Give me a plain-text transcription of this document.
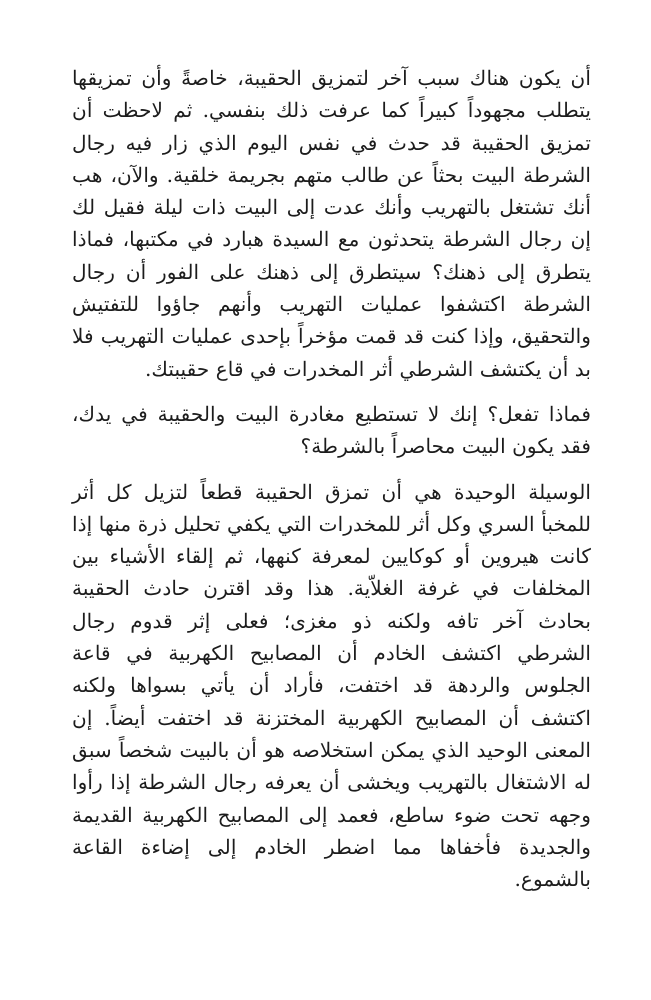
أن يكون هناك سبب آخر لتمزيق الحقيبة، خاصةً وأن تمزيقها يتطلب مجهوداً كبيراً كما عرفت ذلك بنفسي. ثم لاحظت أن تمزيق الحقيبة قد حدث في نفس اليوم الذي زار فيه رجال الشرطة البيت بحثاً عن طالب متهم بجريمة خلقية. والآن، هب أنك تشتغل بالتهريب وأنك عدت إلى البيت ذات ليلة فقيل لك إن رجال الشرطة يتحدثون مع السيدة هبارد في مكتبها، فماذا يتطرق إلى ذهنك؟ سيتطرق إلى ذهنك على الفور أن رجال الشرطة اكتشفوا عمليات التهريب وأنهم جاؤوا للتفتيش والتحقيق، وإذا كنت قد قمت مؤخراً بإحدى عمليات التهريب فلا بد أن يكتشف الشرطي أثر المخدرات في قاع حقيبتك.

فماذا تفعل؟ إنك لا تستطيع مغادرة البيت والحقيبة في يدك، فقد يكون البيت محاصراً بالشرطة؟

الوسيلة الوحيدة هي أن تمزق الحقيبة قطعاً لتزيل كل أثر للمخبأ السري وكل أثر للمخدرات التي يكفي تحليل ذرة منها إذا كانت هيروين أو كوكايين لمعرفة كنهها، ثم إلقاء الأشياء بين المخلفات في غرفة الغلاّية. هذا وقد اقترن حادث الحقيبة بحادث آخر تافه ولكنه ذو مغزى؛ فعلى إثر قدوم رجال الشرطي اكتشف الخادم أن المصابيح الكهربية في قاعة الجلوس والردهة قد اختفت، فأراد أن يأتي بسواها ولكنه اكتشف أن المصابيح الكهربية المختزنة قد اختفت أيضاً. إن المعنى الوحيد الذي يمكن استخلاصه هو أن بالبيت شخصاً سبق له الاشتغال بالتهريب ويخشى أن يعرفه رجال الشرطة إذا رأوا وجهه تحت ضوء ساطع، فعمد إلى المصابيح الكهربية القديمة والجديدة فأخفاها مما اضطر الخادم إلى إضاءة القاعة بالشموع.
